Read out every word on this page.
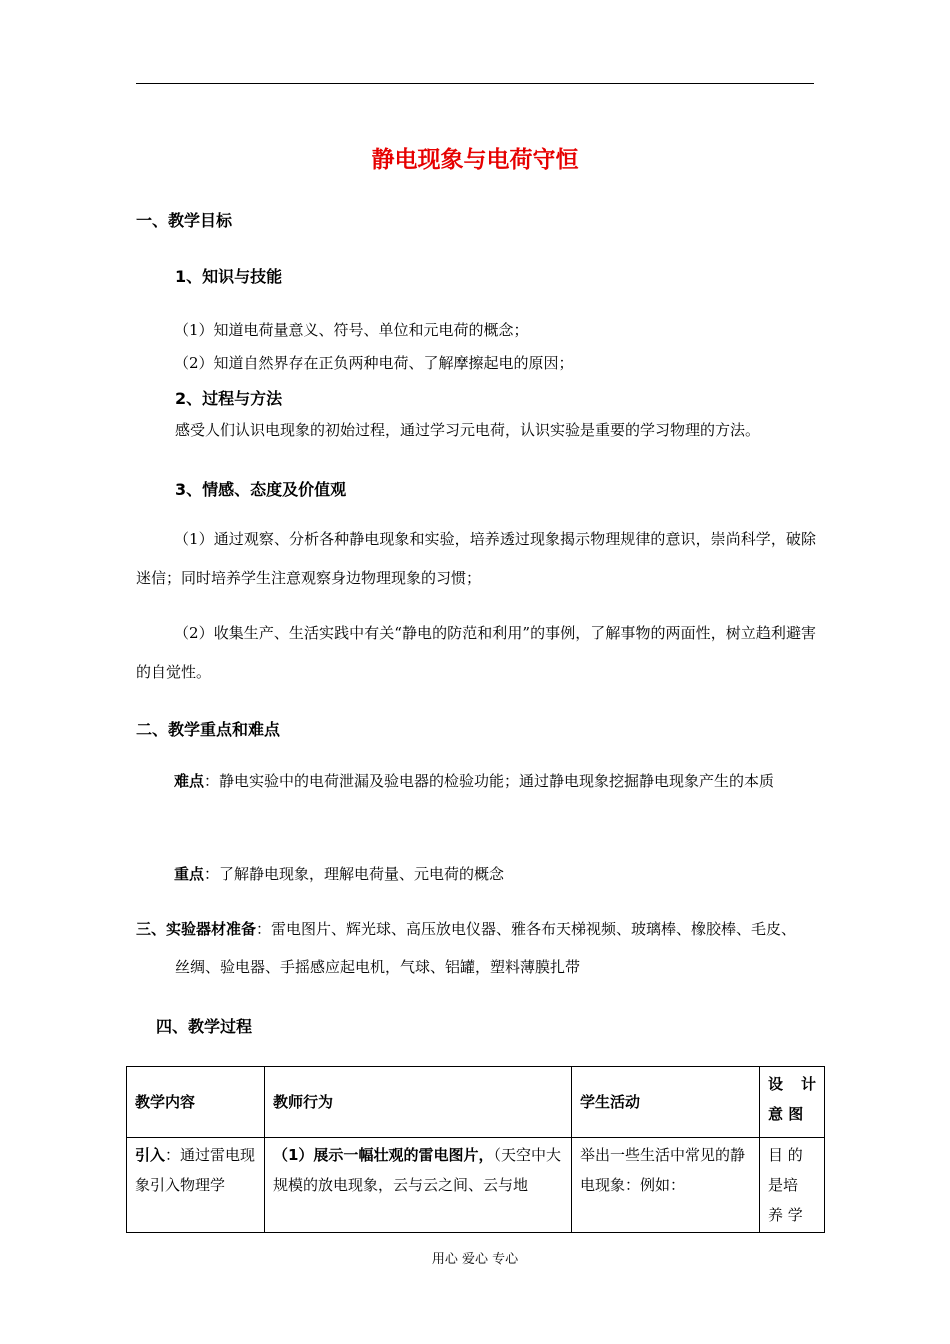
静电现象与电荷守恒
一、教学目标
1、知识与技能
（1）知道电荷量意义、符号、单位和元电荷的概念；
（2）知道自然界存在正负两种电荷、了解摩擦起电的原因；
2、过程与方法
感受人们认识电现象的初始过程，通过学习元电荷，认识实验是重要的学习物理的方法。
3、情感、态度及价值观
（1）通过观察、分析各种静电现象和实验，培养透过现象揭示物理规律的意识，崇尚科学，破除迷信；同时培养学生注意观察身边物理现象的习惯；
（2）收集生产、生活实践中有关“静电的防范和利用”的事例，了解事物的两面性，树立趋利避害的自觉性。
二、教学重点和难点
难点：静电实验中的电荷泄漏及验电器的检验功能；通过静电现象挖掘静电现象产生的本质
重点：了解静电现象，理解电荷量、元电荷的概念
三、实验器材准备：雷电图片、辉光球、高压放电仪器、雅各布天梯视频、玻璃棒、橡胶棒、毛皮、
丝绸、验电器、手摇感应起电机，气球、铝罐，塑料薄膜扎带
四、教学过程
教学内容	教师行为	学生活动	设 计 意 图
引入：通过雷电现象引入物理学	（1）展示一幅壮观的雷电图片，（天空中大规模的放电现象，云与云之间、云与地	举出一些生活中常见的静电现象：例如：	目 的 是培 养 学
用心 爱心 专心
